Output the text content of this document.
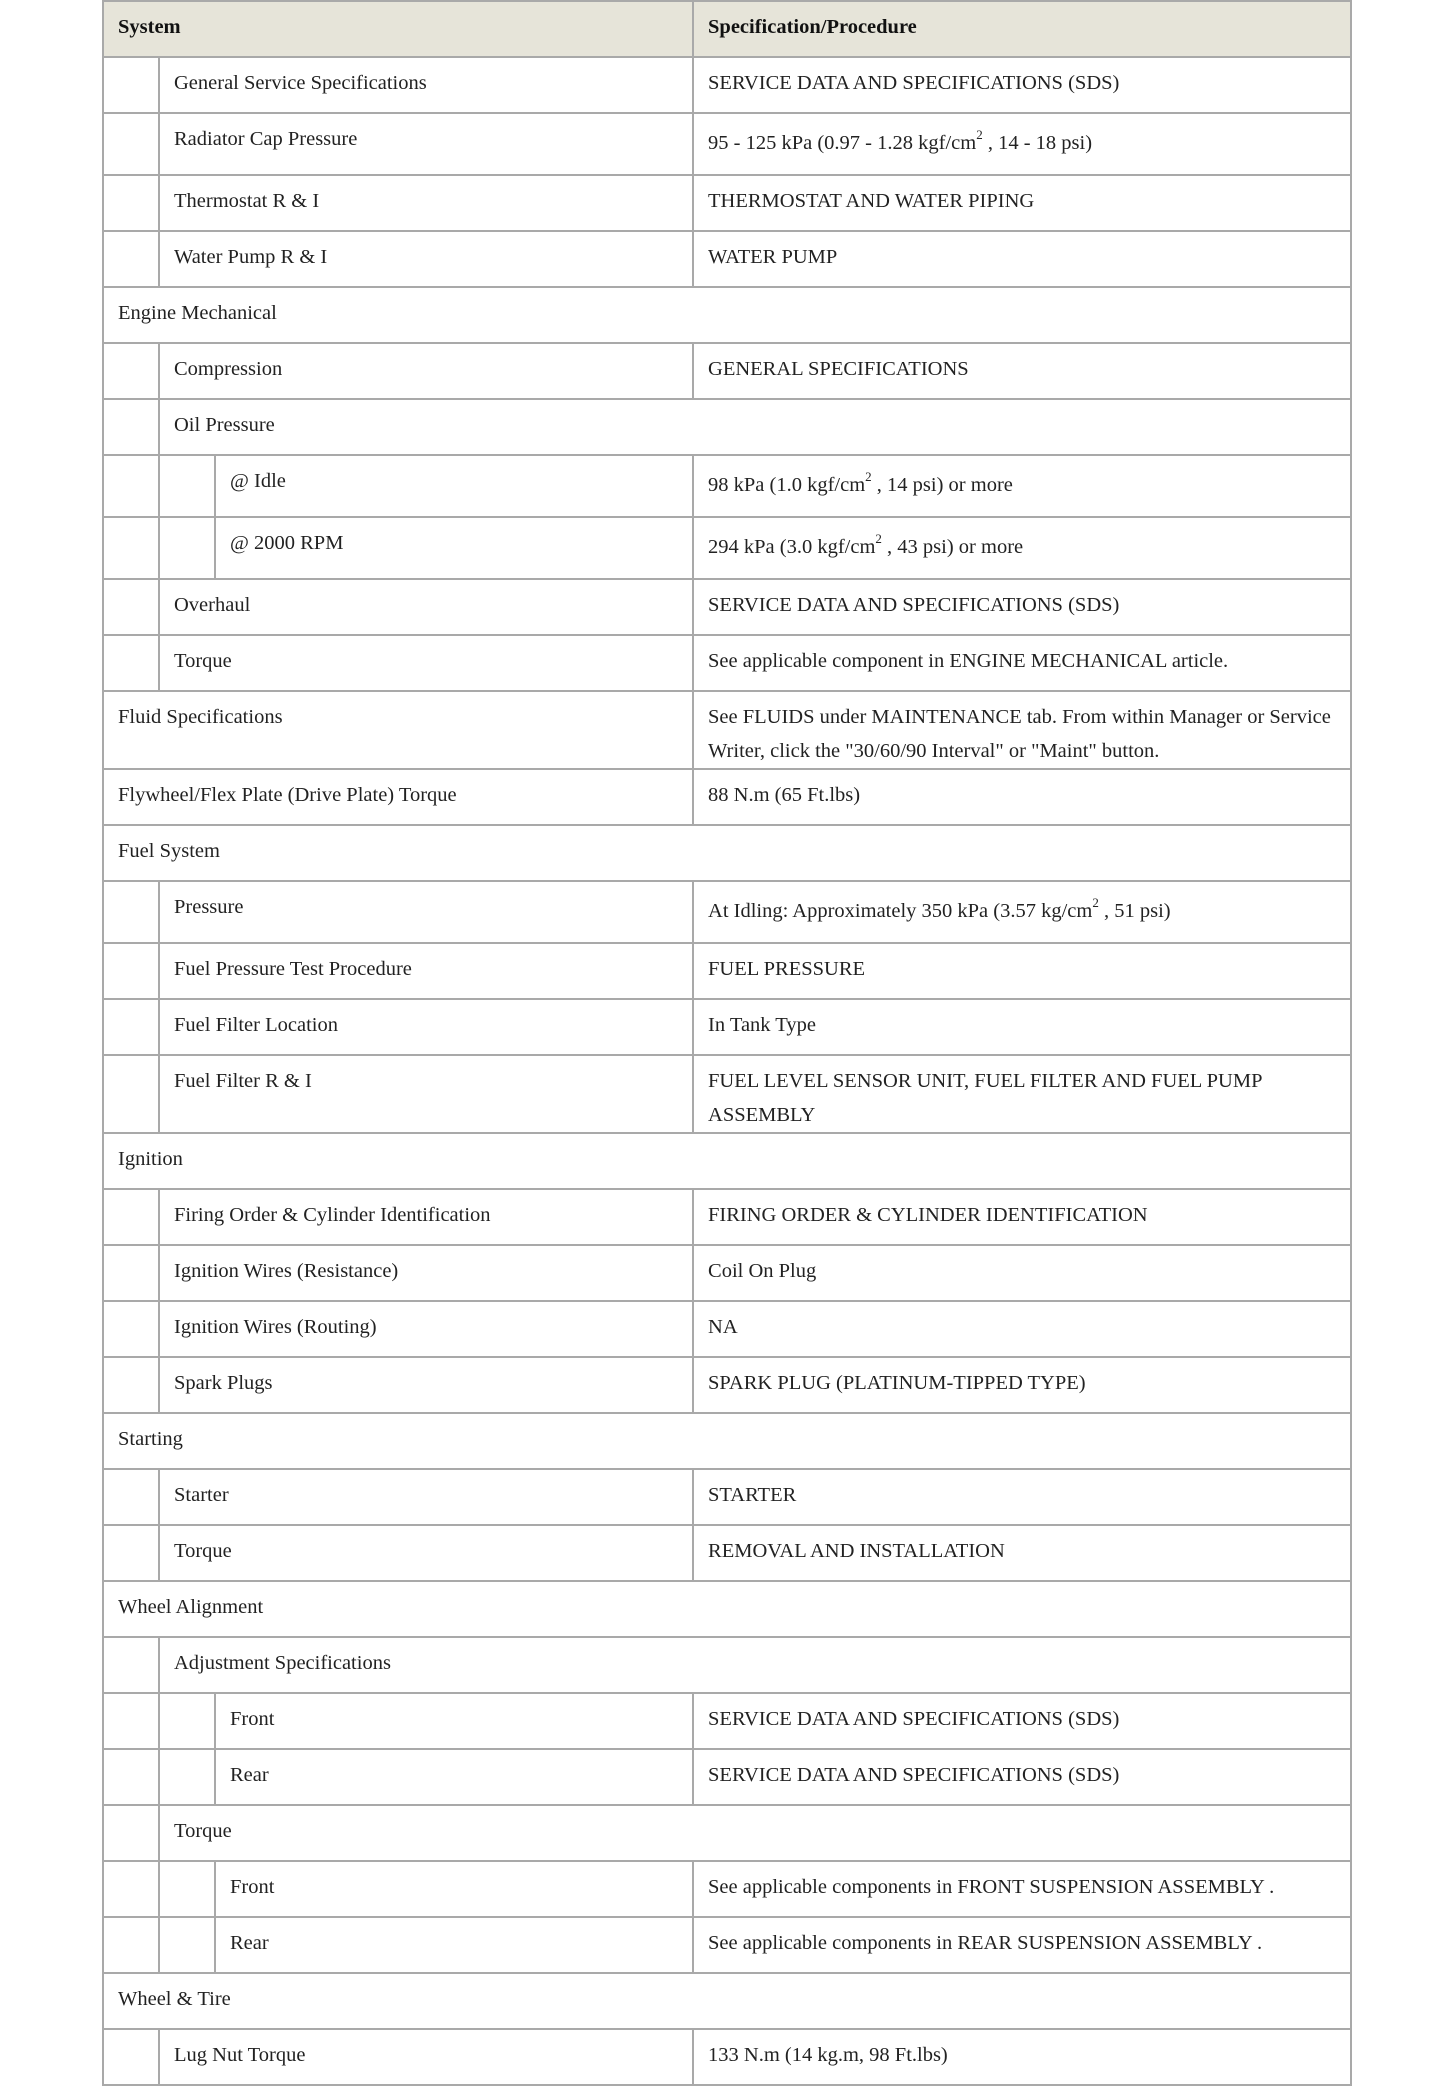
System			Specification/Procedure
	General Service Specifications		SERVICE DATA AND SPECIFICATIONS (SDS)
	Radiator Cap Pressure		95 - 125 kPa (0.97 - 1.28 kgf/$cm^2$ , 14 - 18 psi)
	Thermostat R & I		THERMOSTAT AND WATER PIPING
	Water Pump R & I		WATER PUMP
Engine Mechanical			
	Compression		GENERAL SPECIFICATIONS
	Oil Pressure		
		@ Idle	98 kPa (1.0 kgf/$cm^2$ , 14 psi) or more
		@ 2000 RPM	294 kPa (3.0 kgf/$cm^2$ , 43 psi) or more
	Overhaul		SERVICE DATA AND SPECIFICATIONS (SDS)
	Torque		See applicable component in ENGINE MECHANICAL article.
Fluid Specifications			See FLUIDS under MAINTENANCE tab. From within Manager or Service Writer, click the "30/60/90 Interval" or "Maint" button.
Flywheel/Flex Plate (Drive Plate) Torque			88 N.m (65 Ft.lbs)
Fuel System			
	Pressure		At Idling: Approximately 350 kPa (3.57 $kg/cm^2$ , 51 psi)
	Fuel Pressure Test Procedure		FUEL PRESSURE
	Fuel Filter Location		In Tank Type
	Fuel Filter R & I		FUEL LEVEL SENSOR UNIT, FUEL FILTER AND FUEL PUMP ASSEMBLY
Ignition			
	Firing Order & Cylinder Identification		FIRING ORDER & CYLINDER IDENTIFICATION
	Ignition Wires (Resistance)		Coil On Plug
	Ignition Wires (Routing)		NA
	Spark Plugs		SPARK PLUG (PLATINUM-TIPPED TYPE)
Starting			
	Starter		STARTER
	Torque		REMOVAL AND INSTALLATION
Wheel Alignment			
	Adjustment Specifications		
		Front	SERVICE DATA AND SPECIFICATIONS (SDS)
		Rear	SERVICE DATA AND SPECIFICATIONS (SDS)
	Torque		
		Front	See applicable components in FRONT SUSPENSION ASSEMBLY .
		Rear	See applicable components in REAR SUSPENSION ASSEMBLY .
Wheel & Tire			
	Lug Nut Torque		133 N.m (14 kg.m, 98 Ft.lbs)
